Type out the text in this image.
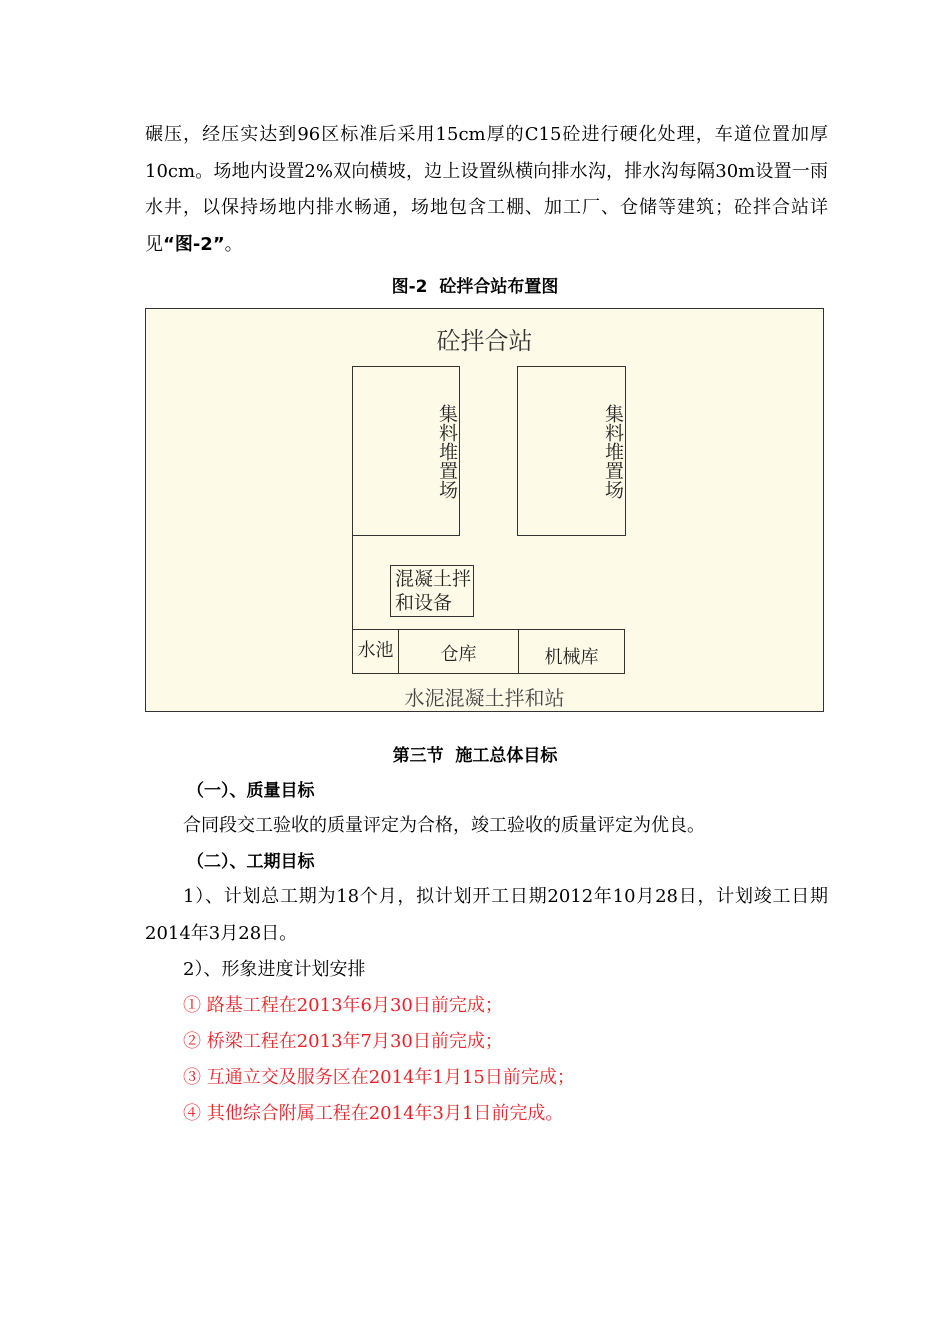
碾压，经压实达到96区标准后采用15cm厚的C15砼进行硬化处理，车道位置加厚10cm。场地内设置2%双向横坡，边上设置纵横向排水沟，排水沟每隔30m设置一雨水井，以保持场地内排水畅通，场地包含工棚、加工厂、仓储等建筑；砼拌合站详见“图-2”。

图-2  砼拌合站布置图
砼拌合站
集料堆置场	集料堆置场
混凝土拌
和设备
水池	仓库	机械库
水泥混凝土拌和站
第三节  施工总体目标
（一）、质量目标
合同段交工验收的质量评定为合格，竣工验收的质量评定为优良。
（二）、工期目标

1）、计划总工期为18个月，拟计划开工日期2012年10月28日，计划竣工日期2014年3月28日。

2）、形象进度计划安排
① 路基工程在2013年6月30日前完成；
② 桥梁工程在2013年7月30日前完成；
③ 互通立交及服务区在2014年1月15日前完成；
④ 其他综合附属工程在2014年3月1日前完成。
